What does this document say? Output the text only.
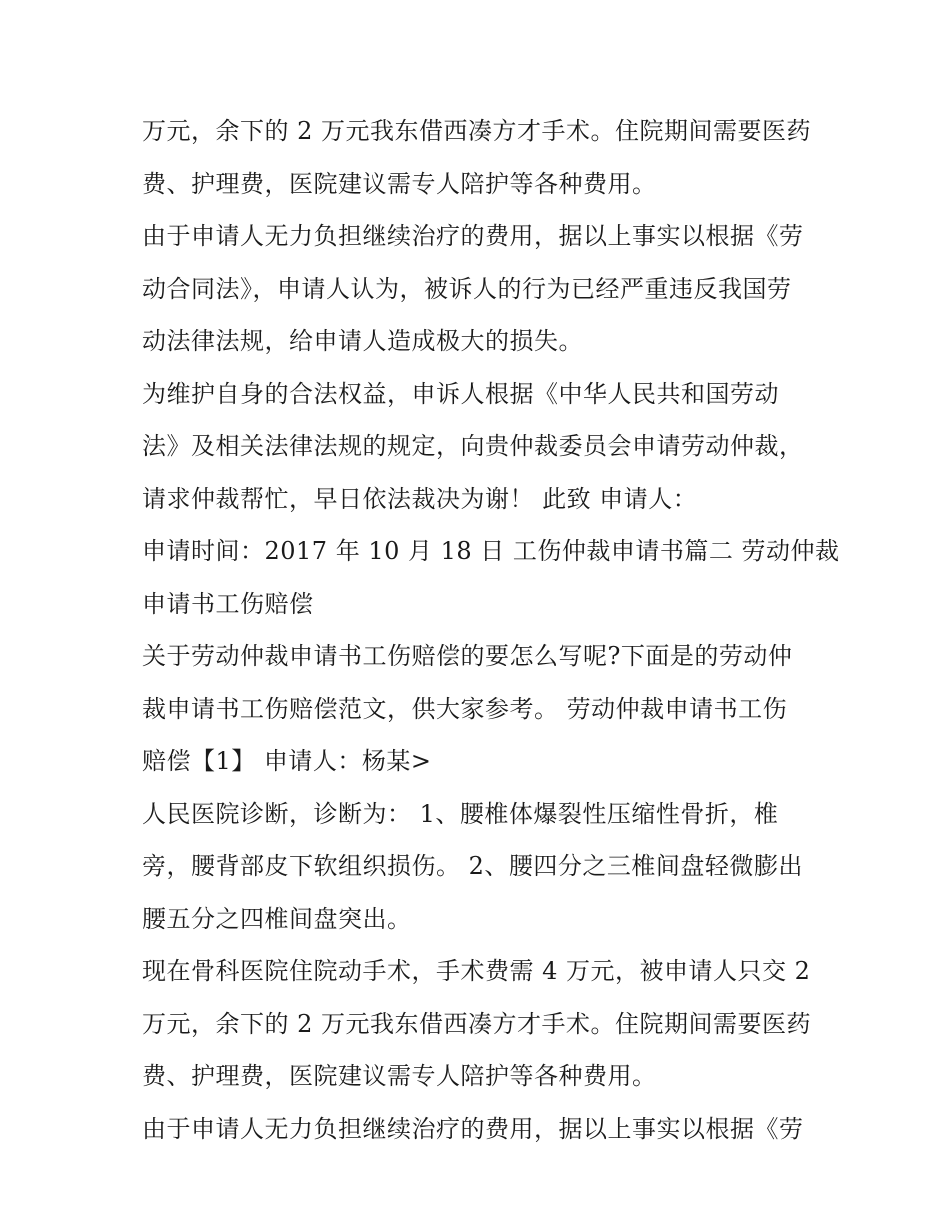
万元，余下的 2 万元我东借西凑方才手术。住院期间需要医药
费、护理费，医院建议需专人陪护等各种费用。
由于申请人无力负担继续治疗的费用，据以上事实以根据《劳
动合同法》，申请人认为，被诉人的行为已经严重违反我国劳
动法律法规，给申请人造成极大的损失。
为维护自身的合法权益，申诉人根据《中华人民共和国劳动
法》及相关法律法规的规定，向贵仲裁委员会申请劳动仲裁，
请求仲裁帮忙，早日依法裁决为谢！ 此致 申请人：
申请时间：2017 年 10 月 18 日 工伤仲裁申请书篇二 劳动仲裁
申请书工伤赔偿
关于劳动仲裁申请书工伤赔偿的要怎么写呢?下面是的劳动仲
裁申请书工伤赔偿范文，供大家参考。 劳动仲裁申请书工伤
赔偿【1】 申请人：杨某>
人民医院诊断，诊断为： 1、腰椎体爆裂性压缩性骨折，椎
旁，腰背部皮下软组织损伤。 2、腰四分之三椎间盘轻微膨出
腰五分之四椎间盘突出。
现在骨科医院住院动手术，手术费需 4 万元，被申请人只交 2
万元，余下的 2 万元我东借西凑方才手术。住院期间需要医药
费、护理费，医院建议需专人陪护等各种费用。
由于申请人无力负担继续治疗的费用，据以上事实以根据《劳
